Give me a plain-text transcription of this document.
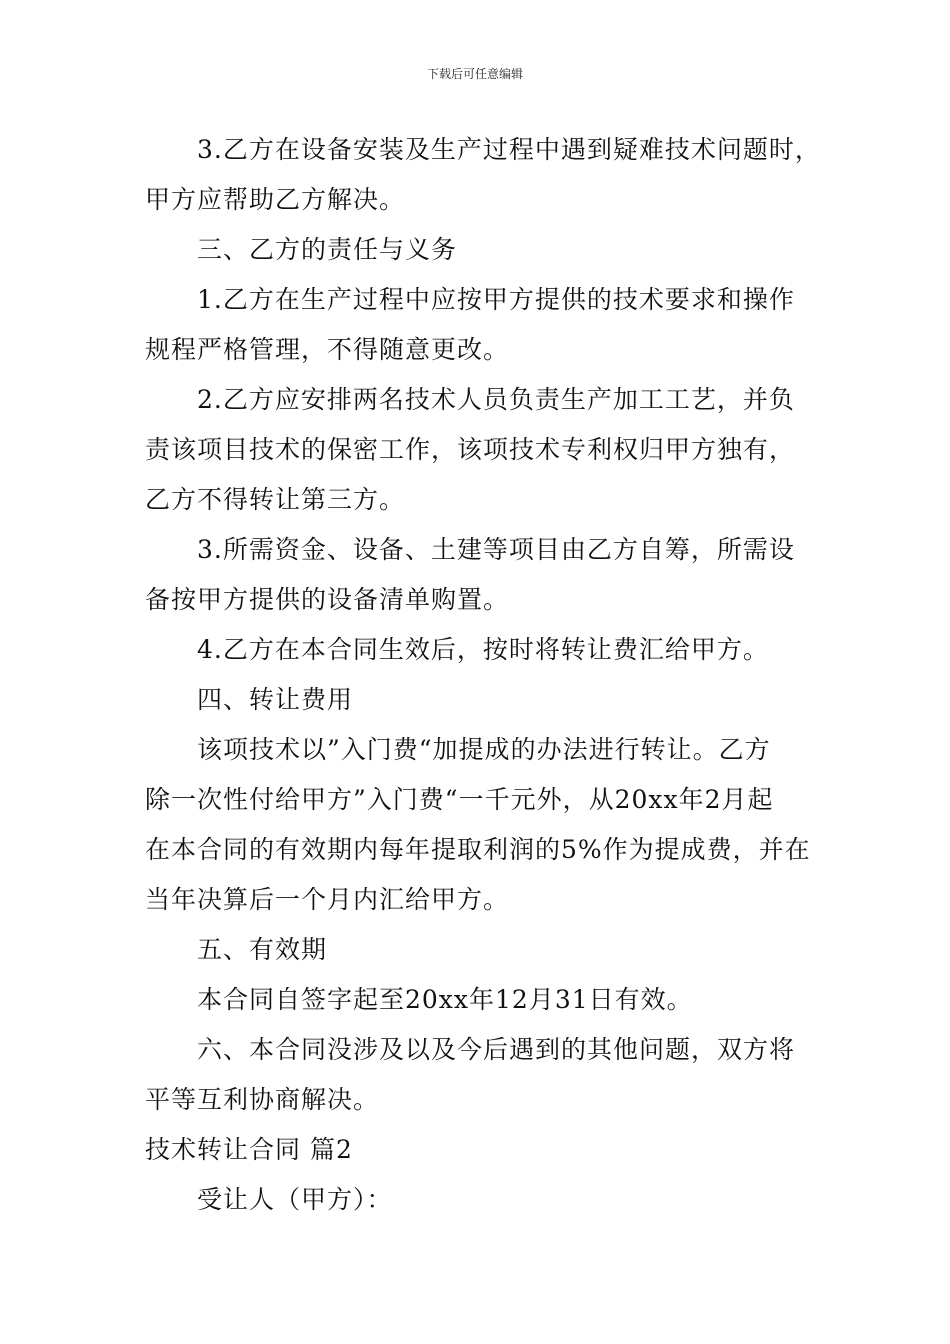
下载后可任意编辑
3.乙方在设备安装及生产过程中遇到疑难技术问题时，
甲方应帮助乙方解决。
三、乙方的责任与义务
1.乙方在生产过程中应按甲方提供的技术要求和操作
规程严格管理，不得随意更改。
2.乙方应安排两名技术人员负责生产加工工艺，并负
责该项目技术的保密工作，该项技术专利权归甲方独有，
乙方不得转让第三方。
3.所需资金、设备、土建等项目由乙方自筹，所需设
备按甲方提供的设备清单购置。
4.乙方在本合同生效后，按时将转让费汇给甲方。
四、转让费用
该项技术以”入门费“加提成的办法进行转让。乙方
除一次性付给甲方”入门费“一千元外，从20xx年2月起
在本合同的有效期内每年提取利润的5%作为提成费，并在
当年决算后一个月内汇给甲方。
五、有效期
本合同自签字起至20xx年12月31日有效。
六、本合同没涉及以及今后遇到的其他问题，双方将
平等互利协商解决。
技术转让合同 篇2
受让人（甲方）：
